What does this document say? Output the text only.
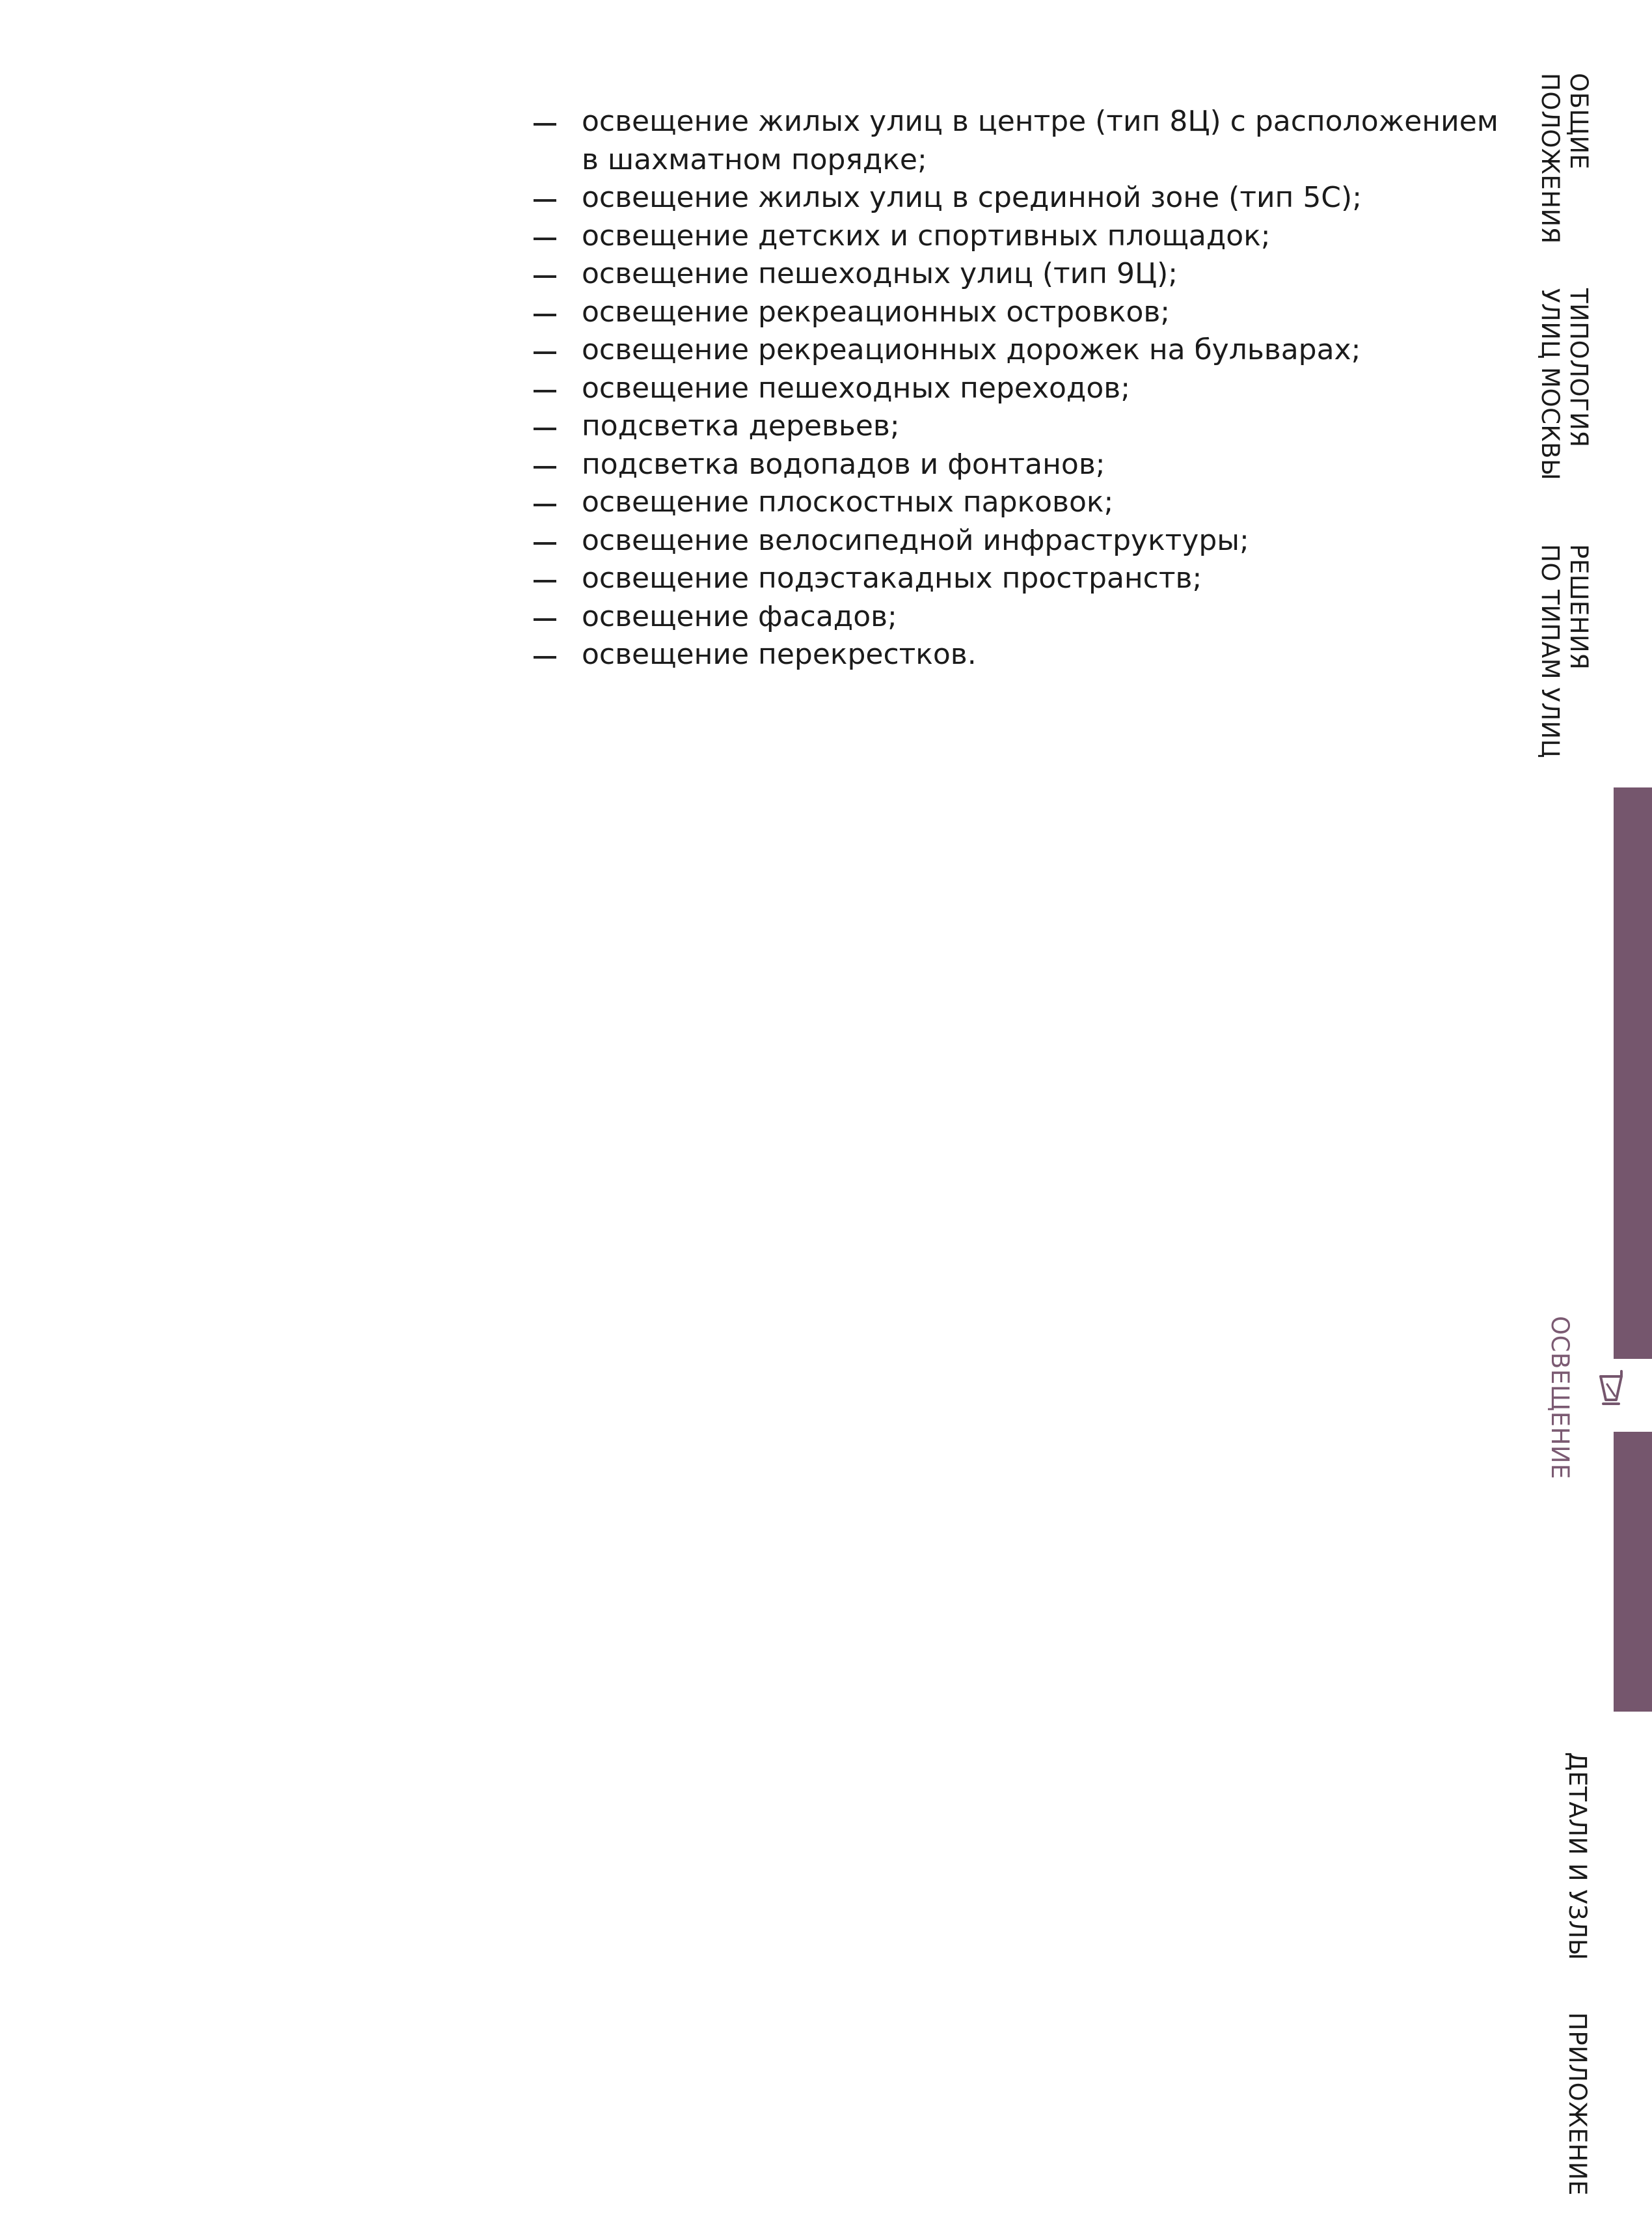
освещение жилых улиц в центре (тип 8Ц) с расположением
в шахматном порядке;
освещение жилых улиц в срединной зоне (тип 5С);
освещение детских и спортивных площадок;
освещение пешеходных улиц (тип 9Ц);
освещение рекреационных островков;
освещение рекреационных дорожек на бульварах;
освещение пешеходных переходов;
подсветка деревьев;
подсветка водопадов и фонтанов;
освещение плоскостных парковок;
освещение велосипедной инфраструктуры;
освещение подэстакадных пространств;
освещение фасадов;
освещение перекрестков.
ОБЩИЕ
ПОЛОЖЕНИЯ
ТИПОЛОГИЯ
УЛИЦ МОСКВЫ
РЕШЕНИЯ
ПО ТИПАМ УЛИЦ
ОСВЕЩЕНИЕ
ДЕТАЛИ И УЗЛЫ
ПРИЛОЖЕНИЕ
